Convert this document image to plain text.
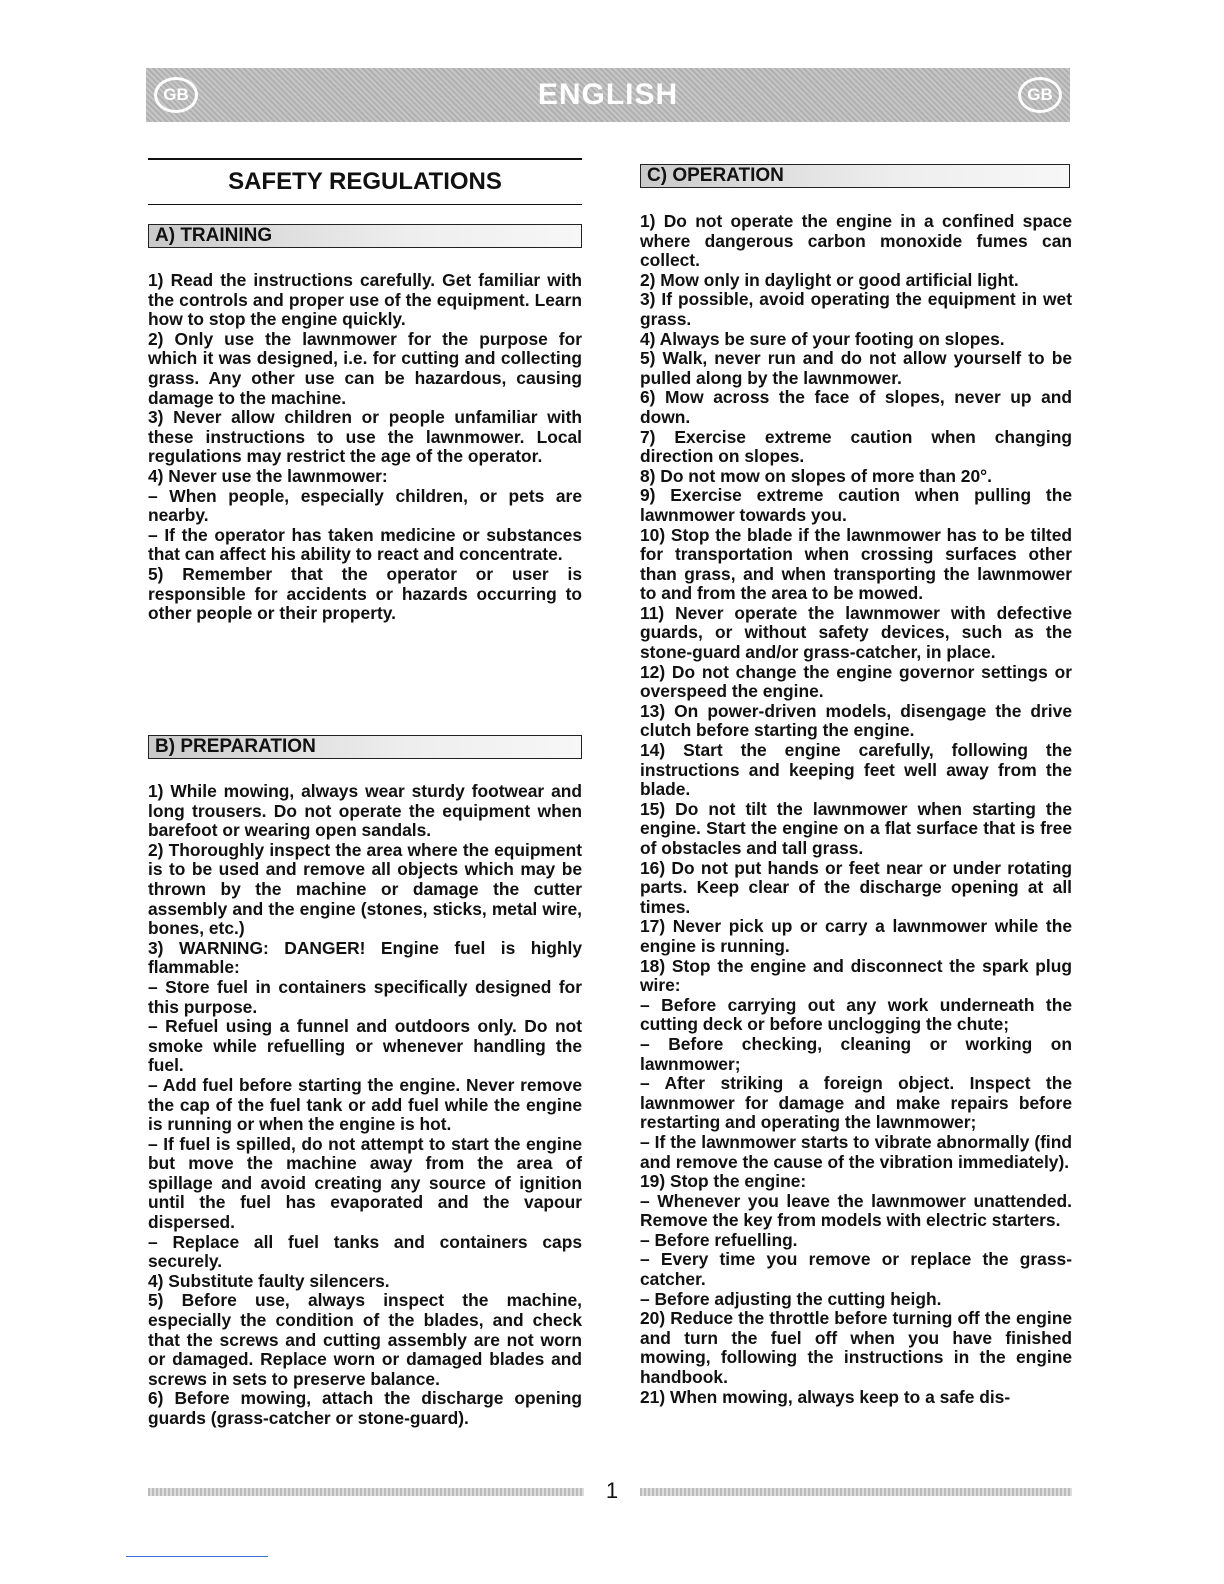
GB	ENGLISH	GB
SAFETY REGULATIONS
A) TRAINING

1) Read the instructions carefully. Get familiar with the controls and proper use of the equipment. Learn how to stop the engine quickly.

2) Only use the lawnmower for the purpose for which it was designed, i.e. for cutting and collecting grass. Any other use can be hazardous, causing damage to the machine.

3) Never allow children or people unfamiliar with these instructions to use the lawnmower. Local regulations may restrict the age of the operator.

4) Never use the lawnmower:

– When people, especially children, or pets are nearby.

– If the operator has taken medicine or substances that can affect his ability to react and concentrate.

5) Remember that the operator or user is responsible for accidents or hazards occurring to other people or their property.

B) PREPARATION

1) While mowing, always wear sturdy footwear and long trousers. Do not operate the equipment when barefoot or wearing open sandals.

2) Thoroughly inspect the area where the equipment is to be used and remove all objects which may be thrown by the machine or damage the cutter assembly and the engine (stones, sticks, metal wire, bones, etc.)

3) WARNING: DANGER! Engine fuel is highly flammable:

– Store fuel in containers specifically designed for this purpose.

– Refuel using a funnel and outdoors only. Do not smoke while refuelling or whenever handling the fuel.

– Add fuel before starting the engine. Never remove the cap of the fuel tank or add fuel while the engine is running or when the engine is hot.

– If fuel is spilled, do not attempt to start the engine but move the machine away from the area of spillage and avoid creating any source of ignition until the fuel has evaporated and the vapour dispersed.

– Replace all fuel tanks and containers caps securely.

4) Substitute faulty silencers.

5) Before use, always inspect the machine, especially the condition of the blades, and check that the screws and cutting assembly are not worn or damaged. Replace worn or damaged blades and screws in sets to preserve balance.

6) Before mowing, attach the discharge opening guards (grass-catcher or stone-guard).

C) OPERATION

1) Do not operate the engine in a confined space where dangerous carbon monoxide fumes can collect.

2) Mow only in daylight or good artificial light.

3) If possible, avoid operating the equipment in wet grass.

4) Always be sure of your footing on slopes.

5) Walk, never run and do not allow yourself to be pulled along by the lawnmower.

6) Mow across the face of slopes, never up and down.

7) Exercise extreme caution when changing direction on slopes.

8) Do not mow on slopes of more than 20°.

9) Exercise extreme caution when pulling the lawnmower towards you.

10) Stop the blade if the lawnmower has to be tilted for transportation when crossing surfaces other than grass, and when transporting the lawnmower to and from the area to be mowed.

11) Never operate the lawnmower with defective guards, or without safety devices, such as the stone-guard and/or grass-catcher, in place.

12) Do not change the engine governor settings or overspeed the engine.

13) On power-driven models, disengage the drive clutch before starting the engine.

14) Start the engine carefully, following the instructions and keeping feet well away from the blade.

15) Do not tilt the lawnmower when starting the engine. Start the engine on a flat surface that is free of obstacles and tall grass.

16) Do not put hands or feet near or under rotating parts. Keep clear of the discharge opening at all times.

17) Never pick up or carry a lawnmower while the engine is running.

18) Stop the engine and disconnect the spark plug wire:

– Before carrying out any work underneath the cutting deck or before unclogging the chute;

– Before checking, cleaning or working on lawnmower;

– After striking a foreign object. Inspect the lawnmower for damage and make repairs before restarting and operating the lawnmower;

– If the lawnmower starts to vibrate abnormally (find and remove the cause of the vibration immediately).

19) Stop the engine:

– Whenever you leave the lawnmower unattended. Remove the key from models with electric starters.

– Before refuelling.

– Every time you remove or replace the grass-catcher.

– Before adjusting the cutting heigh.

20) Reduce the throttle before turning off the engine and turn the fuel off when you have finished mowing, following the instructions in the engine handbook.

21) When mowing, always keep to a safe dis-

1
